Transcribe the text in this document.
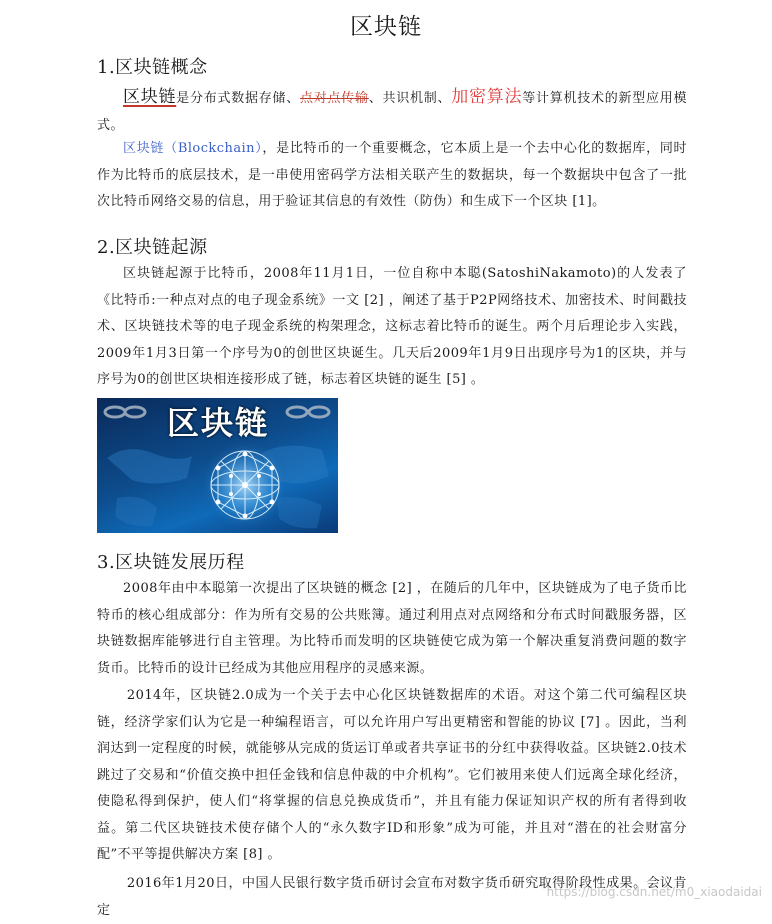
区块链
1.区块链概念

区块链是分布式数据存储、点对点传输、共识机制、加密算法等计算机技术的新型应用模式。

区块链（Blockchain），是比特币的一个重要概念，它本质上是一个去中心化的数据库，同时作为比特币的底层技术，是一串使用密码学方法相关联产生的数据块，每一个数据块中包含了一批次比特币网络交易的信息，用于验证其信息的有效性（防伪）和生成下一个区块 [1]。

2.区块链起源

区块链起源于比特币，2008年11月1日，一位自称中本聪(SatoshiNakamoto)的人发表了《比特币:一种点对点的电子现金系统》一文 [2] ，阐述了基于P2P网络技术、加密技术、时间戳技术、区块链技术等的电子现金系统的构架理念，这标志着比特币的诞生。两个月后理论步入实践，2009年1月3日第一个序号为0的创世区块诞生。几天后2009年1月9日出现序号为1的区块，并与序号为0的创世区块相连接形成了链，标志着区块链的诞生 [5] 。

区块链
3.区块链发展历程

2008年由中本聪第一次提出了区块链的概念 [2] ，在随后的几年中，区块链成为了电子货币比特币的核心组成部分：作为所有交易的公共账簿。通过利用点对点网络和分布式时间戳服务器，区块链数据库能够进行自主管理。为比特币而发明的区块链使它成为第一个解决重复消费问题的数字货币。比特币的设计已经成为其他应用程序的灵感来源。

2014年，区块链2.0成为一个关于去中心化区块链数据库的术语。对这个第二代可编程区块链，经济学家们认为它是一种编程语言，可以允许用户写出更精密和智能的协议 [7] 。因此，当利润达到一定程度的时候，就能够从完成的货运订单或者共享证书的分红中获得收益。区块链2.0技术跳过了交易和“价值交换中担任金钱和信息仲裁的中介机构”。它们被用来使人们远离全球化经济，使隐私得到保护，使人们“将掌握的信息兑换成货币”，并且有能力保证知识产权的所有者得到收益。第二代区块链技术使存储个人的“永久数字ID和形象”成为可能，并且对“潜在的社会财富分配”不平等提供解决方案 [8] 。

2016年1月20日，中国人民银行数字货币研讨会宣布对数字货币研究取得阶段性成果。会议肯定

https://blog.csdn.net/m0_xiaodaidai
